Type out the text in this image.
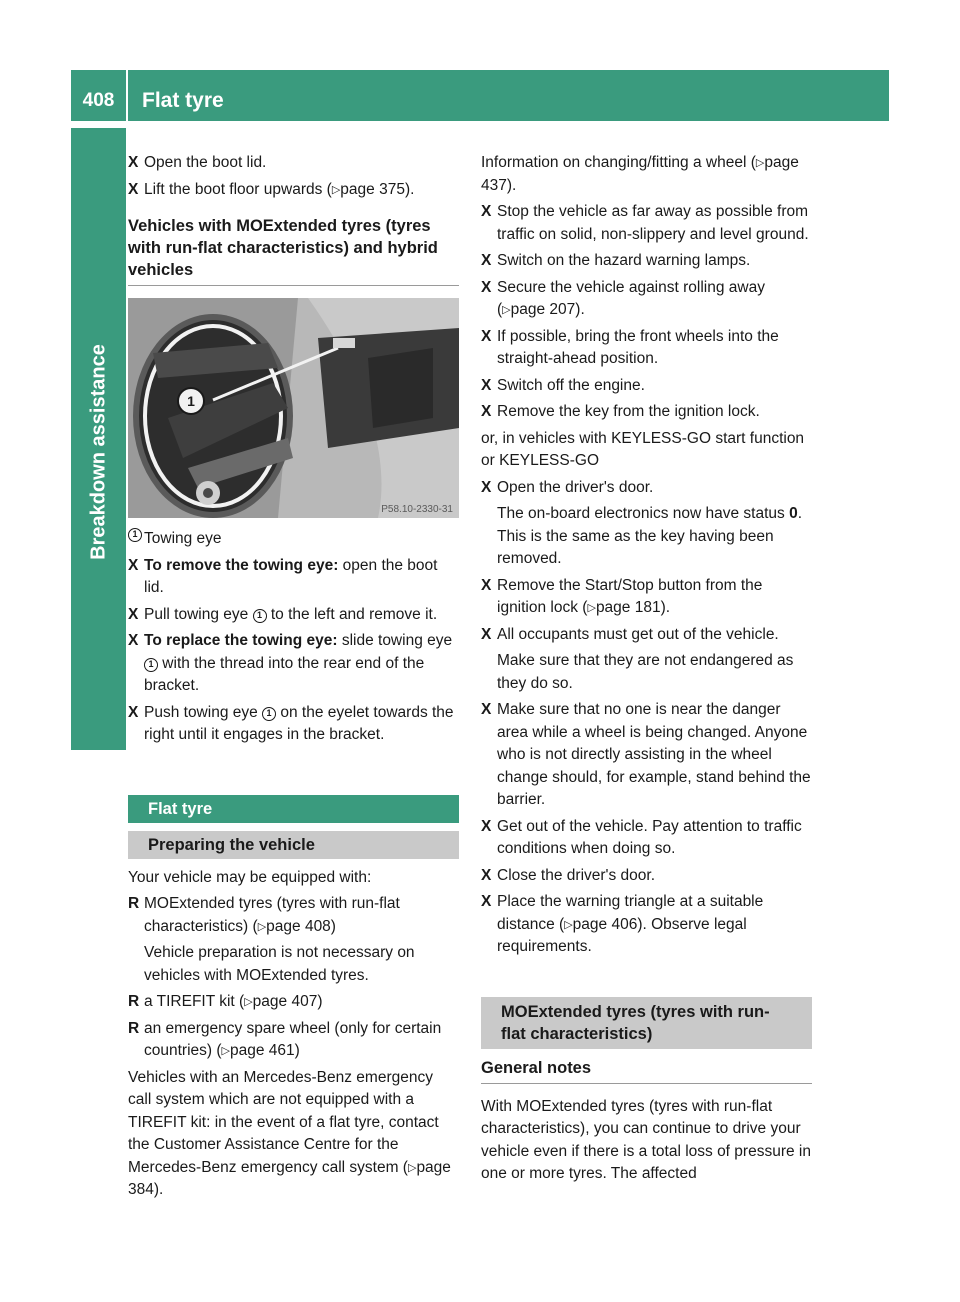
408	Flat tyre
Breakdown assistance

X Open the boot lid.

X Lift the boot floor upwards (▷page 375).

Vehicles with MOExtended tyres (tyres with run-flat characteristics) and hybrid vehicles
1
P58.10-2330-31

1 Towing eye

X To remove the towing eye: open the boot lid.

X Pull towing eye 1 to the left and remove it.

X To replace the towing eye: slide towing eye 1 with the thread into the rear end of the bracket.

X Push towing eye 1 on the eyelet towards the right until it engages in the bracket.

Flat tyre
Preparing the vehicle

Your vehicle may be equipped with:

R MOExtended tyres (tyres with run-flat characteristics) (▷page 408)

Vehicle preparation is not necessary on vehicles with MOExtended tyres.

R a TIREFIT kit (▷page 407)

R an emergency spare wheel (only for certain countries) (▷page 461)

Vehicles with an Mercedes-Benz emergency call system which are not equipped with a TIREFIT kit: in the event of a flat tyre, contact the Customer Assistance Centre for the Mercedes-Benz emergency call system (▷page 384).

Information on changing/fitting a wheel (▷page 437).

X Stop the vehicle as far away as possible from traffic on solid, non-slippery and level ground.

X Switch on the hazard warning lamps.

X Secure the vehicle against rolling away (▷page 207).

X If possible, bring the front wheels into the straight-ahead position.

X Switch off the engine.

X Remove the key from the ignition lock.

or, in vehicles with KEYLESS-GO start function or KEYLESS-GO

X Open the driver's door.

The on-board electronics now have status 0. This is the same as the key having been removed.

X Remove the Start/Stop button from the ignition lock (▷page 181).

X All occupants must get out of the vehicle.

Make sure that they are not endangered as they do so.

X Make sure that no one is near the danger area while a wheel is being changed. Anyone who is not directly assisting in the wheel change should, for example, stand behind the barrier.

X Get out of the vehicle. Pay attention to traffic conditions when doing so.

X Close the driver's door.

X Place the warning triangle at a suitable distance (▷page 406). Observe legal requirements.

MOExtended tyres (tyres with run-flat characteristics)
General notes

With MOExtended tyres (tyres with run-flat characteristics), you can continue to drive your vehicle even if there is a total loss of pressure in one or more tyres. The affected
